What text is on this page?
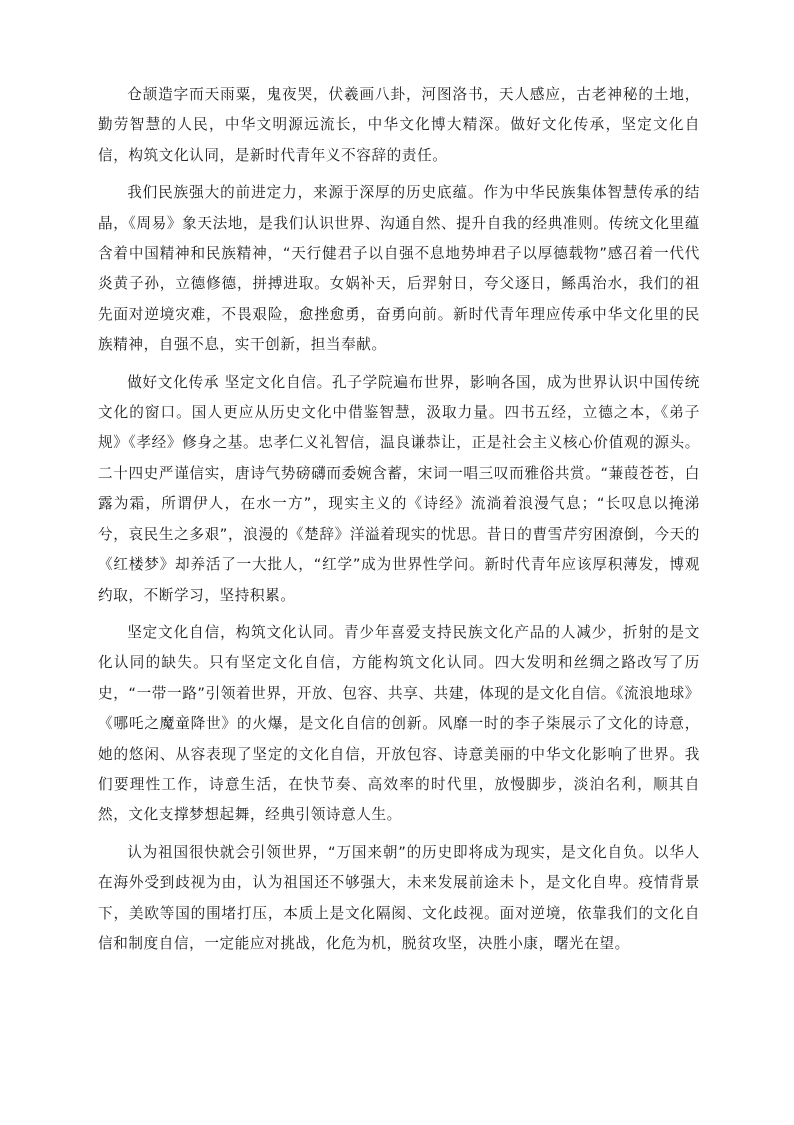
仓颉造字而天雨粟，鬼夜哭，伏羲画八卦，河图洛书，天人感应，古老神秘的土地，勤劳智慧的人民，中华文明源远流长，中华文化博大精深。做好文化传承，坚定文化自信，构筑文化认同，是新时代青年义不容辞的责任。

我们民族强大的前进定力，来源于深厚的历史底蕴。作为中华民族集体智慧传承的结晶，《周易》象天法地，是我们认识世界、沟通自然、提升自我的经典准则。传统文化里蕴含着中国精神和民族精神，“天行健君子以自强不息地势坤君子以厚德载物”感召着一代代炎黄子孙，立德修德，拼搏进取。女娲补天，后羿射日，夸父逐日，鲧禹治水，我们的祖先面对逆境灾难，不畏艰险，愈挫愈勇，奋勇向前。新时代青年理应传承中华文化里的民族精神，自强不息，实干创新，担当奉献。

做好文化传承 坚定文化自信。孔子学院遍布世界，影响各国，成为世界认识中国传统文化的窗口。国人更应从历史文化中借鉴智慧，汲取力量。四书五经，立德之本，《弟子规》《孝经》修身之基。忠孝仁义礼智信，温良谦恭让，正是社会主义核心价值观的源头。二十四史严谨信实，唐诗气势磅礴而委婉含蓄，宋词一唱三叹而雅俗共赏。“蒹葭苍苍，白露为霜，所谓伊人，在水一方”，现实主义的《诗经》流淌着浪漫气息；“长叹息以掩涕兮，哀民生之多艰”，浪漫的《楚辞》洋溢着现实的忧思。昔日的曹雪芹穷困潦倒，今天的《红楼梦》却养活了一大批人，“红学”成为世界性学问。新时代青年应该厚积薄发，博观约取，不断学习，坚持积累。

坚定文化自信，构筑文化认同。青少年喜爱支持民族文化产品的人减少，折射的是文化认同的缺失。只有坚定文化自信，方能构筑文化认同。四大发明和丝绸之路改写了历史，“一带一路”引领着世界，开放、包容、共享、共建，体现的是文化自信。《流浪地球》《哪吒之魔童降世》的火爆，是文化自信的创新。风靡一时的李子柒展示了文化的诗意，她的悠闲、从容表现了坚定的文化自信，开放包容、诗意美丽的中华文化影响了世界。我们要理性工作，诗意生活，在快节奏、高效率的时代里，放慢脚步，淡泊名利，顺其自然，文化支撑梦想起舞，经典引领诗意人生。

认为祖国很快就会引领世界，“万国来朝”的历史即将成为现实，是文化自负。以华人在海外受到歧视为由，认为祖国还不够强大，未来发展前途未卜，是文化自卑。疫情背景下，美欧等国的围堵打压，本质上是文化隔阂、文化歧视。面对逆境，依靠我们的文化自信和制度自信，一定能应对挑战，化危为机，脱贫攻坚，决胜小康，曙光在望。
